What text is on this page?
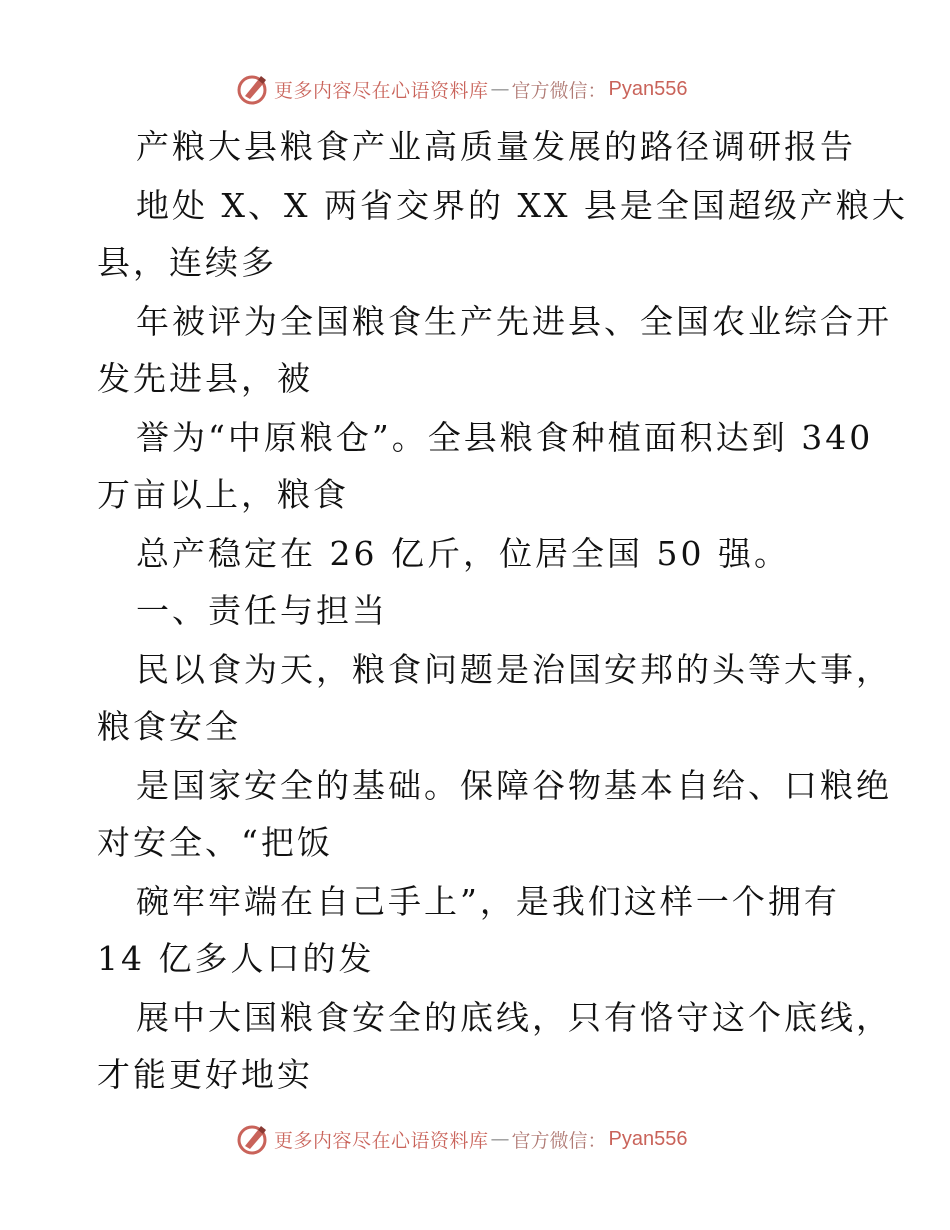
更多内容尽在心语资料库 — 官方微信： Pyan556
产粮大县粮食产业高质量发展的路径调研报告
地处 X、X 两省交界的 XX 县是全国超级产粮大
县，连续多
年被评为全国粮食生产先进县、全国农业综合开
发先进县，被
誉为“中原粮仓”。全县粮食种植面积达到 340
万亩以上，粮食
总产稳定在 26 亿斤，位居全国 50 强。
一、责任与担当
民以食为天，粮食问题是治国安邦的头等大事，
粮食安全
是国家安全的基础。保障谷物基本自给、口粮绝
对安全、“把饭
碗牢牢端在自己手上”，是我们这样一个拥有
14 亿多人口的发
展中大国粮食安全的底线，只有恪守这个底线，
才能更好地实
更多内容尽在心语资料库 — 官方微信： Pyan556
